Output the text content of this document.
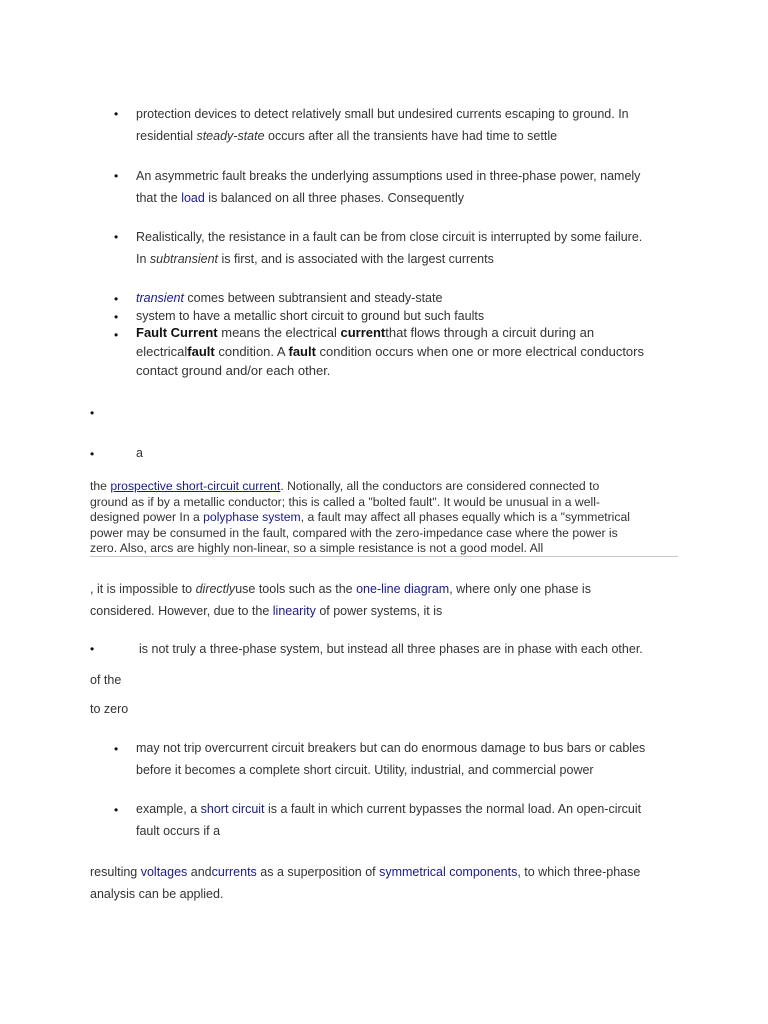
• protection devices to detect relatively small but undesired currents escaping to ground. In
residential steady-state occurs after all the transients have had time to settle
• An asymmetric fault breaks the underlying assumptions used in three-phase power, namely
that the load is balanced on all three phases. Consequently
• Realistically, the resistance in a fault can be from close circuit is interrupted by some failure.
In subtransient is first, and is associated with the largest currents
• transient comes between subtransient and steady-state
• system to have a metallic short circuit to ground but such faults
• Fault Current means the electrical currentthat flows through a circuit during an
electricalfault condition. A fault condition occurs when one or more electrical conductors
contact ground and/or each other.
•
•	a
the prospective short-circuit current. Notionally, all the conductors are considered connected to
ground as if by a metallic conductor; this is called a "bolted fault". It would be unusual in a well-
designed power In a polyphase system, a fault may affect all phases equally which is a "symmetrical
power may be consumed in the fault, compared with the zero-impedance case where the power is
zero. Also, arcs are highly non-linear, so a simple resistance is not a good model. All
, it is impossible to directlyuse tools such as the one-line diagram, where only one phase is
considered. However, due to the linearity of power systems, it is
•	is not truly a three-phase system, but instead all three phases are in phase with each other.
of the
to zero
• may not trip overcurrent circuit breakers but can do enormous damage to bus bars or cables
before it becomes a complete short circuit. Utility, industrial, and commercial power
• example, a short circuit is a fault in which current bypasses the normal load. An open-circuit
fault occurs if a
resulting voltages andcurrents as a superposition of symmetrical components, to which three-phase
analysis can be applied.
